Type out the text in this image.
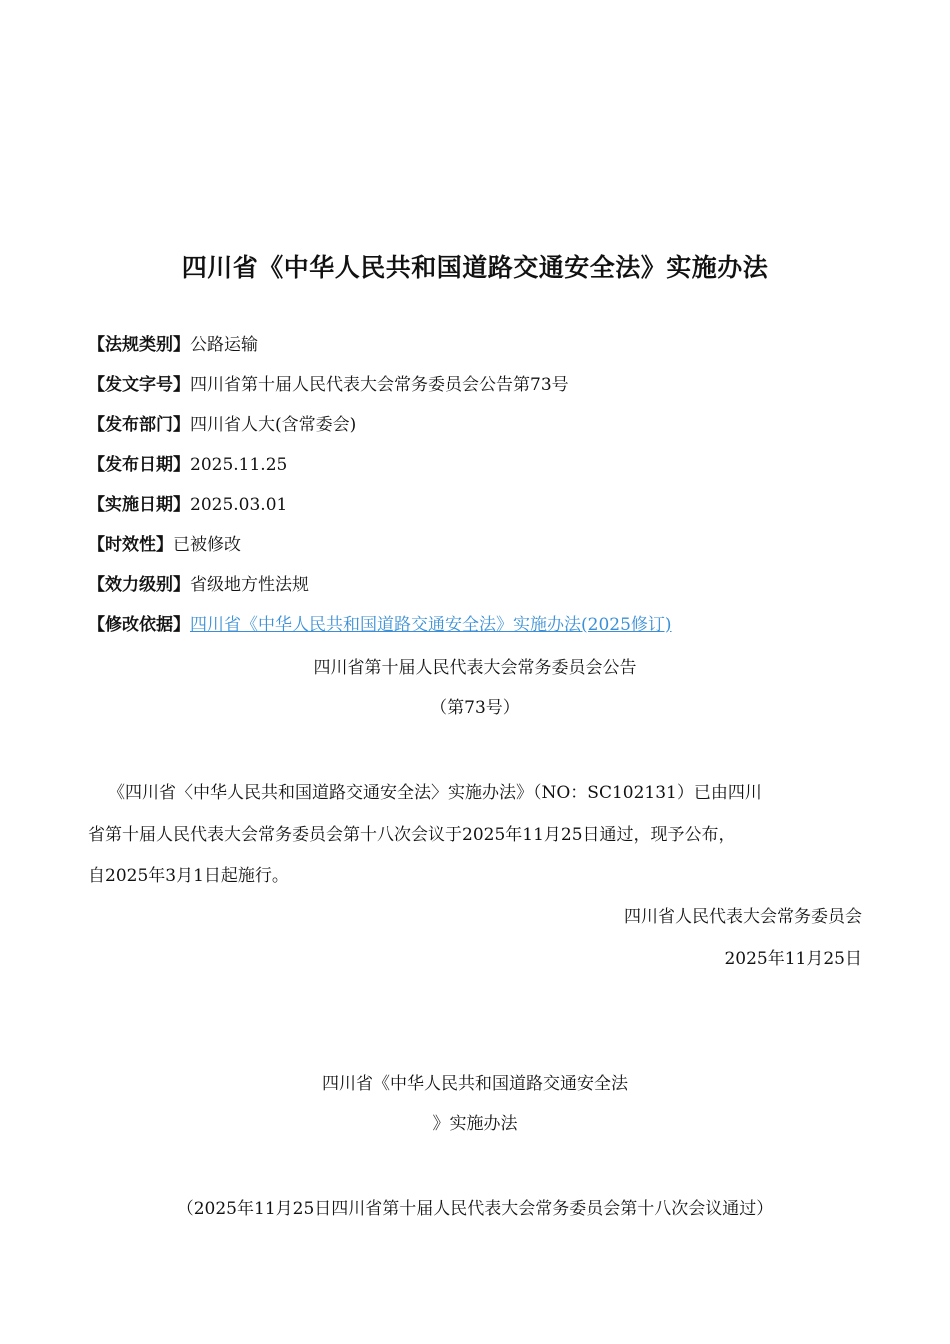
四川省《中华人民共和国道路交通安全法》实施办法
【法规类别】公路运输
【发文字号】四川省第十届人民代表大会常务委员会公告第73号
【发布部门】四川省人大(含常委会)
【发布日期】2025.11.25
【实施日期】2025.03.01
【时效性】已被修改
【效力级别】省级地方性法规
【修改依据】四川省《中华人民共和国道路交通安全法》实施办法(2025修订)
四川省第十届人民代表大会常务委员会公告
（第73号）
《四川省〈中华人民共和国道路交通安全法〉实施办法》（NO：SC102131）已由四川
省第十届人民代表大会常务委员会第十八次会议于2025年11月25日通过，现予公布，
自2025年3月1日起施行。
四川省人民代表大会常务委员会
2025年11月25日
四川省《中华人民共和国道路交通安全法
》实施办法
（2025年11月25日四川省第十届人民代表大会常务委员会第十八次会议通过）
